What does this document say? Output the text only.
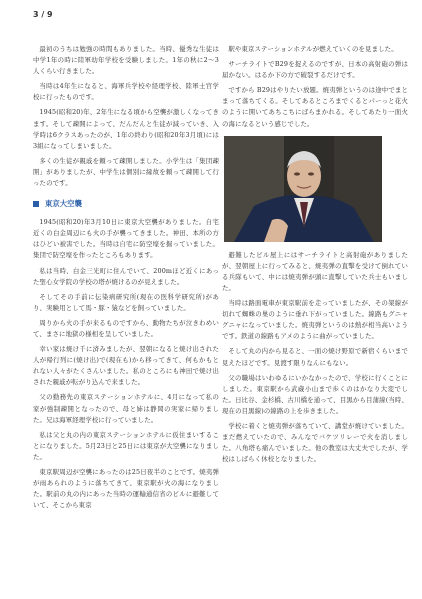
3 / 9

最初のうちは勉強の時間もありました。当時、優秀な生徒は中学1年の時に陸軍幼年学校を受験しました。1年の秋に2～3人くらい行きました。

当時は4年生になると、海軍兵学校や経理学校、陸軍士官学校に行ったものです。

1945(昭和20)年、2年生になる頃から空襲が激しくなってきます。そして疎開によって、だんだんと生徒が減っていき、入学時は6クラスあったのが、1年の終わり(昭和20年3月頃)には3組になってしまいました。

多くの生徒が親戚を頼って疎開しました。小学生は「集団疎開」がありましたが、中学生は個別に縁故を頼って疎開して行ったのです。

東京大空襲

1945(昭和20)年3月10日に東京大空襲がありました。自宅近くの白金周辺にも火の手が襲ってきました。神田、本所の方はひどい被害でした。当時は自宅に防空壕を掘っていました。集団で防空壕を作ったところもあります。

私は当時、白金三光町に住んでいて、200mほど近くにあった聖心女学院の学校の塔が焼けるのが見えました。

そしてその手前に伝染病研究所(現在の医科学研究所)があり、実験用として馬・豚・猿などを飼っていました。

周りから火の手が来るものですから、動物たちが泣きわめいて、まさに地獄の様相を呈していました。

幸い家は焼け千に済みましたが、翌朝になると焼け出された人が帰行列に(焼け出)で(現在も)から移ってきて、何もかもとれない人々がたくさんいました。私のところにも神田で焼け出された親戚が転がり込んで来ました。

父の勤務先の東京ステーションホテルに、4月になって私の家が強制疎開となったので、母と姉は静岡の実家に帰りました。兄は海軍経理学校に行っていました。

私は父と丸の内の東京ステーションホテルに仮住まいすることになりました。5月23日と25日には東京が大空襲になりました。

東京駅周辺が空襲にあったのは25日夜半のことです。焼夷弾が雨あられのように落ちてきて、東京駅が火の海になりました。駅前の丸の内にあった当時の運輸通信省のビルに避難していて、そこから東京

駅や東京ステーションホテルが燃えていくのを見ました。

サーチライトでB29を捉えるのですが、日本の高射砲の弾は届かない。はるか下の方で破裂するだけです。

ですから B29はやりたい放題。焼夷弾というのは途中でまとまって落ちてくる。そしてあるところまでくるとパーっと花火のように開いてあちこちにばらまかれる。そしてあたり一面火の海になるという感じでした。

避難したビル屋上にはサーチライトと高射砲がありましたが、翌朝屋上に行ってみると、焼夷弾の直撃を受けて倒れている兵隊もいて、中には焼夷弾が頭に直撃していた兵士もいました。

当時は路面電車が東京駅前を走っていましたが、その架線が切れて蜘蛛の巣のように垂れ下がっていました。線路もグニャグニャになっていました。焼夷弾というのは熱が相当高いようです。鉄道の線路もアメのように曲がっていました。

そして丸の内から見ると、一面の焼け野原で新宿くらいまで見えたほどです。見渡す限りなんにもない。

父の職場はいわゆるにいかなかったので、学校に行くことにしました。東京駅から武蔵小山まで歩くのはかなり大変でした。日比谷、金杉橋、古川橋を通って、目黒から目蒲線(当時、現在の目黒線)の線路の上を歩きました。

学校に着くと焼夷弾が落ちていて、講堂が焼けていました。まだ燃えていたので、みんなでバケツリレーで火を消しました。八角塔も痛んでいました。他の教室は大丈夫でしたが、学校はしばらく休校となりました。
